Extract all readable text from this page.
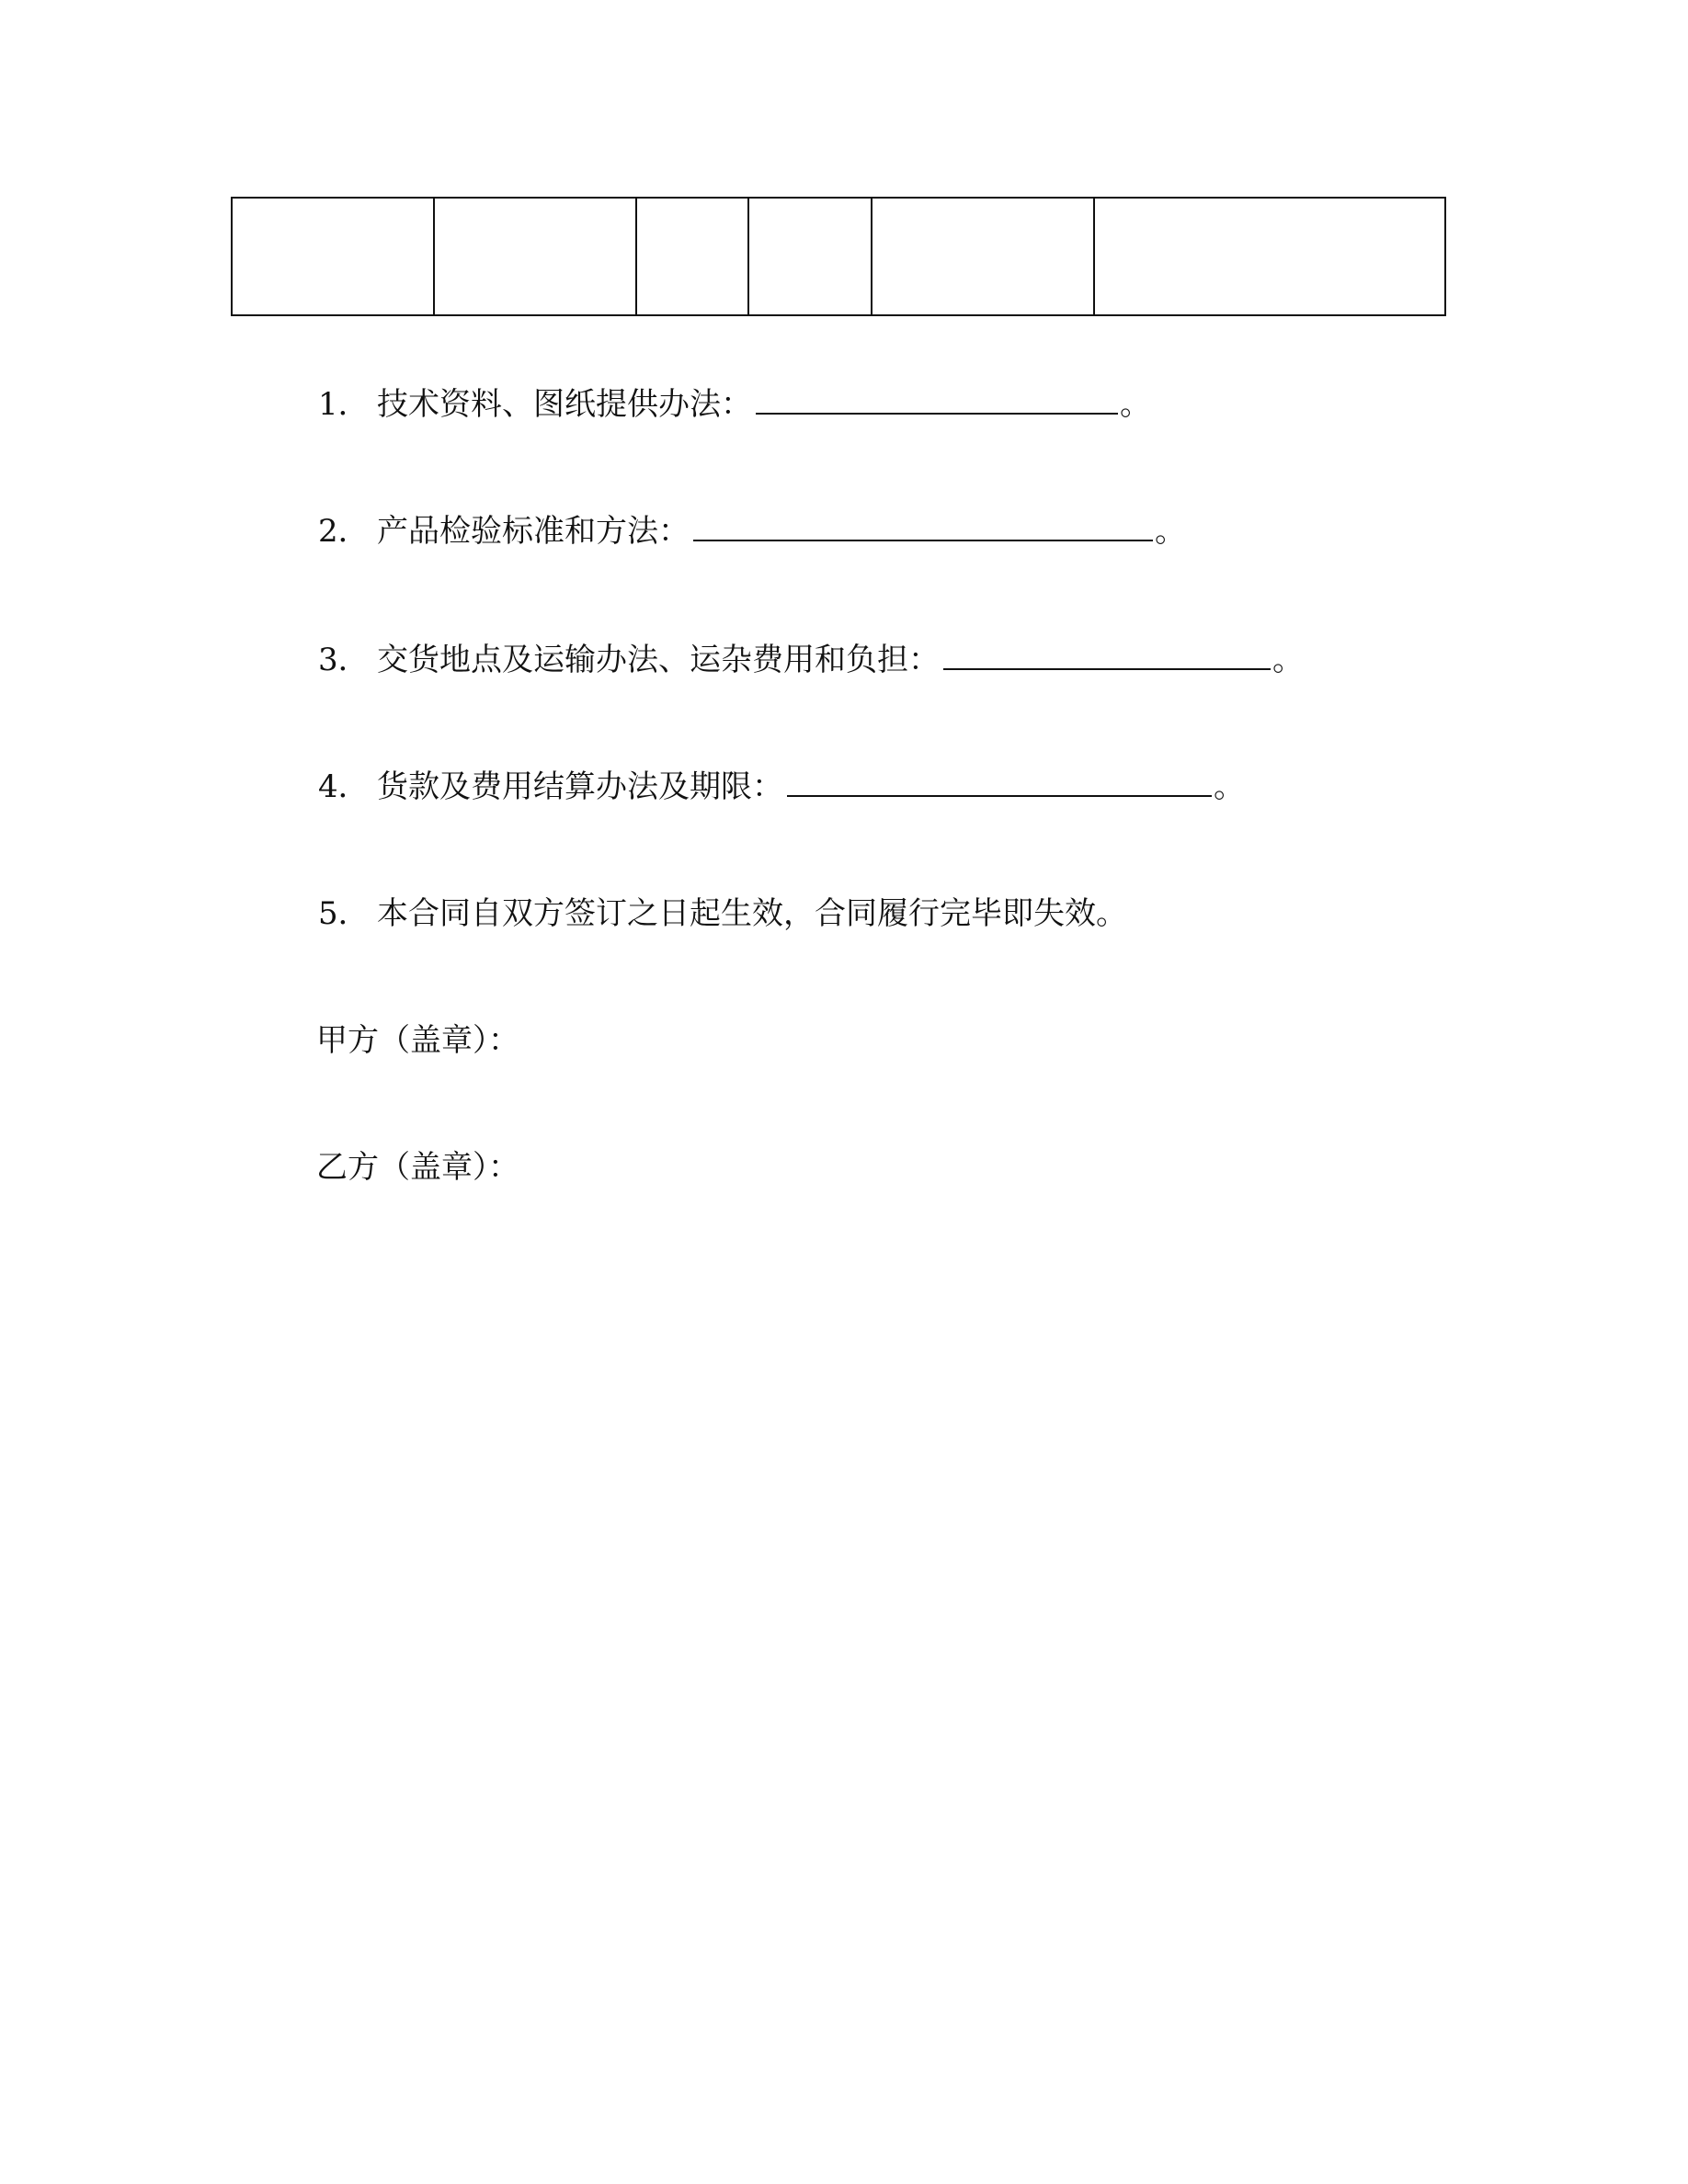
1． 技术资料、图纸提供办法：	。
2． 产品检验标准和方法：	。
3． 交货地点及运输办法、运杂费用和负担：	。
4． 货款及费用结算办法及期限：	。
5． 本合同自双方签订之日起生效，合同履行完毕即失效。
甲方（盖章）：
乙方（盖章）：
